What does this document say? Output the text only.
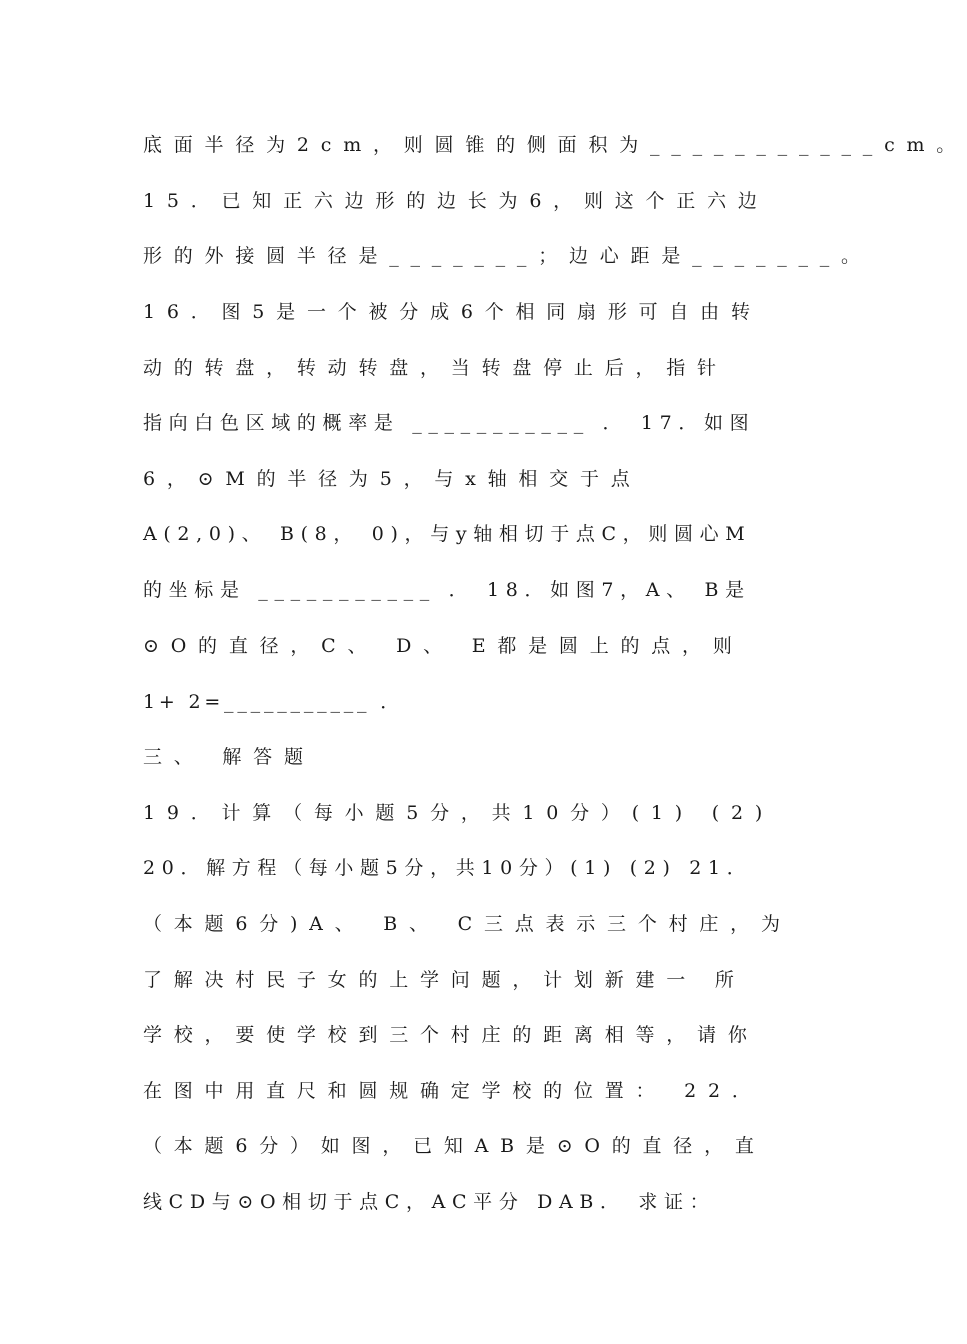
底面半径为2cm，则圆锥的侧面积为___________cm。
15．已知正六边形的边长为6，则这个正六边
形的外接圆半径是_______；边心距是_______。
16．图5是一个被分成6个相同扇形可自由转
动的转盘，转动转盘，当转盘停止后，指针
指向白色区域的概率是 ___________ ． 17．如图
6，⊙M的半径为5，与x轴相交于点
A(2,0)、 B(8， 0)，与y轴相切于点C，则圆心M
的坐标是 ___________ ． 18．如图7，A、 B是
⊙O的直径，C、 D、 E都是圆上的点，则
1+ 2=___________ ．
三、 解答题
19．计算（每小题5分，共10分）(1) (2)
20．解方程（每小题5分，共10分）(1) (2) 21．
（本题6分)A、 B、 C三点表示三个村庄，为
了解决村民子女的上学问题，计划新建一 所
学校，要使学校到三个村庄的距离相等，请你
在图中用直尺和圆规确定学校的位置： 22．
（本题6分）如图，已知AB是⊙O的直径，直
线CD与⊙O相切于点C，AC平分 DAB． 求证：
